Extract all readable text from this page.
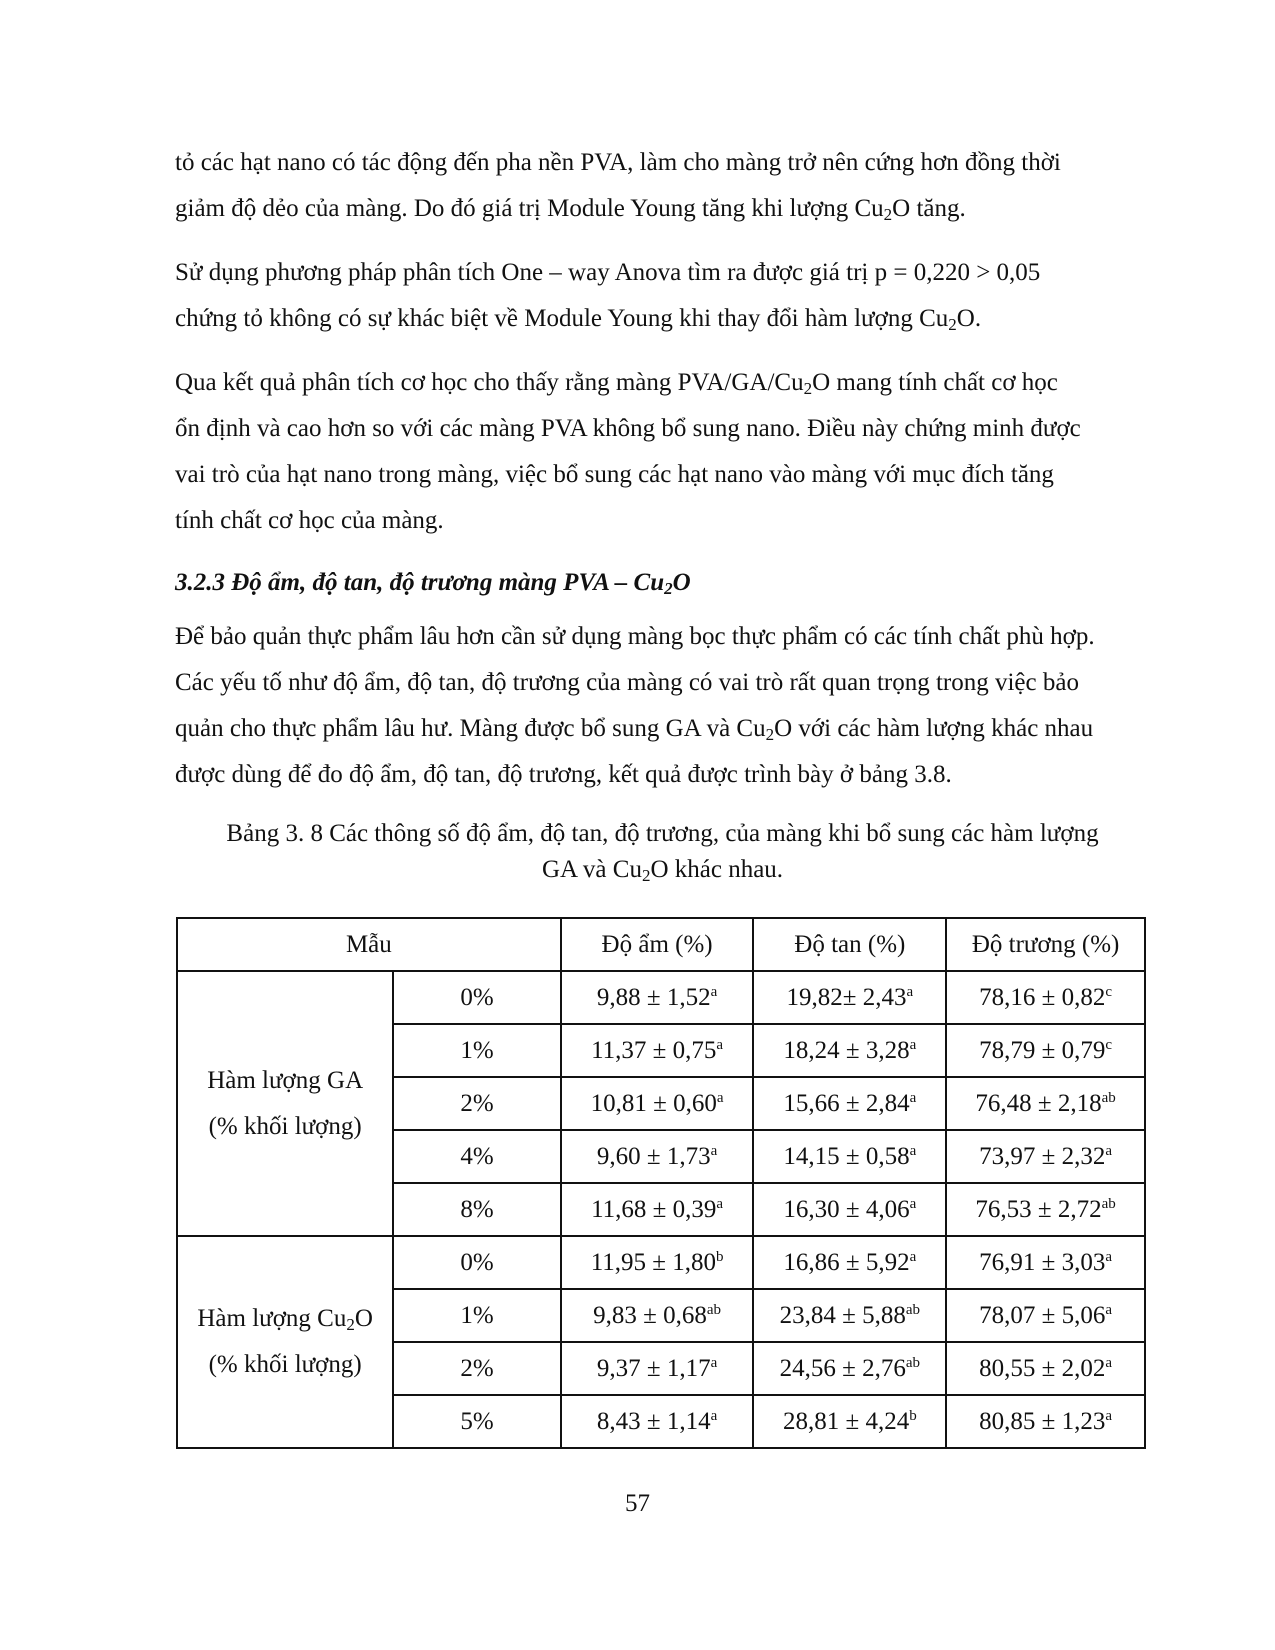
tỏ các hạt nano có tác động đến pha nền PVA, làm cho màng trở nên cứng hơn đồng thời
giảm độ dẻo của màng. Do đó giá trị Module Young tăng khi lượng $Cu_2O$ tăng.

Sử dụng phương pháp phân tích One – way Anova tìm ra được giá trị p = 0,220 > 0,05
chứng tỏ không có sự khác biệt về Module Young khi thay đổi hàm lượng $Cu_2O$.

Qua kết quả phân tích cơ học cho thấy rằng màng PVA/$GA/Cu_2O$ mang tính chất cơ học
ổn định và cao hơn so với các màng PVA không bổ sung nano. Điều này chứng minh được
vai trò của hạt nano trong màng, việc bổ sung các hạt nano vào màng với mục đích tăng
tính chất cơ học của màng.

3.2.3 Độ ẩm, độ tan, độ trương màng PVA – $Cu_2O$

Để bảo quản thực phẩm lâu hơn cần sử dụng màng bọc thực phẩm có các tính chất phù hợp.
Các yếu tố như độ ẩm, độ tan, độ trương của màng có vai trò rất quan trọng trong việc bảo
quản cho thực phẩm lâu hư. Màng được bổ sung GA và $Cu_2O$ với các hàm lượng khác nhau
được dùng để đo độ ẩm, độ tan, độ trương, kết quả được trình bày ở bảng 3.8.

Bảng 3. 8 Các thông số độ ẩm, độ tan, độ trương, của màng khi bổ sung các hàm lượng
GA và $Cu_2O$ khác nhau.

Mẫu		Độ ẩm (%)	Độ tan (%)	Độ trương (%)
Hàm lượng GA
(% khối lượng)	0%	9,88 ± 1,52$^a$	19,82± 2,43$^a$	78,16 ± 0,82$^c$
	1%	11,37 ± 0,75$^a$	18,24 ± 3,28$^a$	78,79 ± 0,79$^c$
	2%	10,81 ± 0,60$^a$	15,66 ± 2,84$^a$	76,48 ± 2,18$^{ab}$
	4%	9,60 ± 1,73$^a$	14,15 ± 0,58$^a$	73,97 ± 2,32$^a$
	8%	11,68 ± 0,39$^a$	16,30 ± 4,06$^a$	76,53 ± 2,72$^{ab}$
Hàm lượng $Cu_2O$
(% khối lượng)	0%	11,95 ± 1,80$^b$	16,86 ± 5,92$^a$	76,91 ± 3,03$^a$
	1%	9,83 ± 0,68$^{ab}$	23,84 ± 5,88$^{ab}$	78,07 ± 5,06$^a$
	2%	9,37 ± 1,17$^a$	24,56 ± 2,76$^{ab}$	80,55 ± 2,02$^a$
	5%	8,43 ± 1,14$^a$	28,81 ± 4,24$^b$	80,85 ± 1,23$^a$
57
